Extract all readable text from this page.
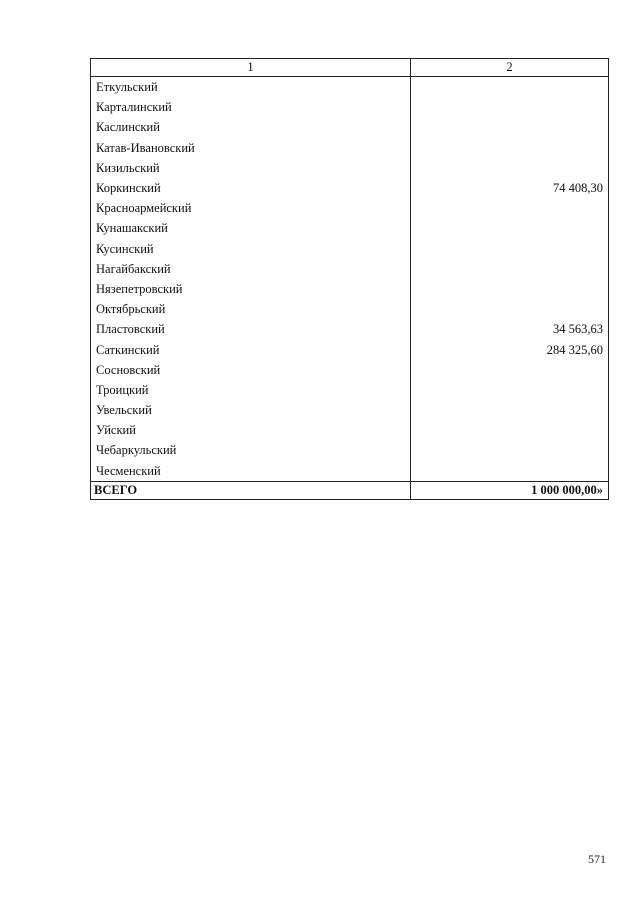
1	2
Еткульский	
Карталинский	
Каслинский	
Катав-Ивановский	
Кизильский	
Коркинский	74 408,30
Красноармейский	
Кунашакский	
Кусинский	
Нагайбакский	
Нязепетровский	
Октябрьский	
Пластовский	34 563,63
Саткинский	284 325,60
Сосновский	
Троицкий	
Увельский	
Уйский	
Чебаркульский	
Чесменский	
ВСЕГО	1 000 000,00»
571
